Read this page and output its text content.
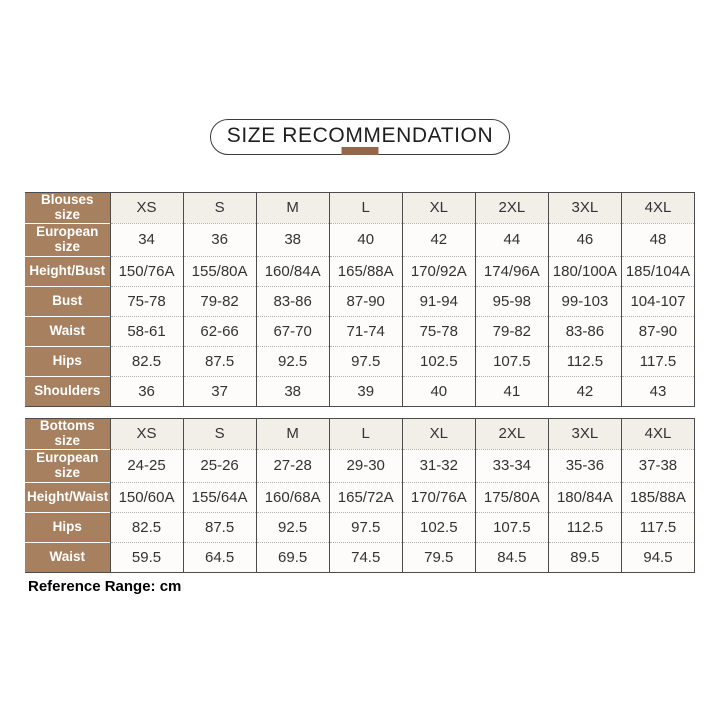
SIZE RECOMMENDATION
Blouses size	XS	S	M	L	XL	2XL	3XL	4XL
European size	34	36	38	40	42	44	46	48
Height/Bust	150/76A	155/80A	160/84A	165/88A	170/92A	174/96A	180/100A	185/104A
Bust	75-78	79-82	83-86	87-90	91-94	95-98	99-103	104-107
Waist	58-61	62-66	67-70	71-74	75-78	79-82	83-86	87-90
Hips	82.5	87.5	92.5	97.5	102.5	107.5	112.5	117.5
Shoulders	36	37	38	39	40	41	42	43
Bottoms size	XS	S	M	L	XL	2XL	3XL	4XL
European size	24-25	25-26	27-28	29-30	31-32	33-34	35-36	37-38
Height/Waist	150/60A	155/64A	160/68A	165/72A	170/76A	175/80A	180/84A	185/88A
Hips	82.5	87.5	92.5	97.5	102.5	107.5	112.5	117.5
Waist	59.5	64.5	69.5	74.5	79.5	84.5	89.5	94.5
Reference Range: cm
